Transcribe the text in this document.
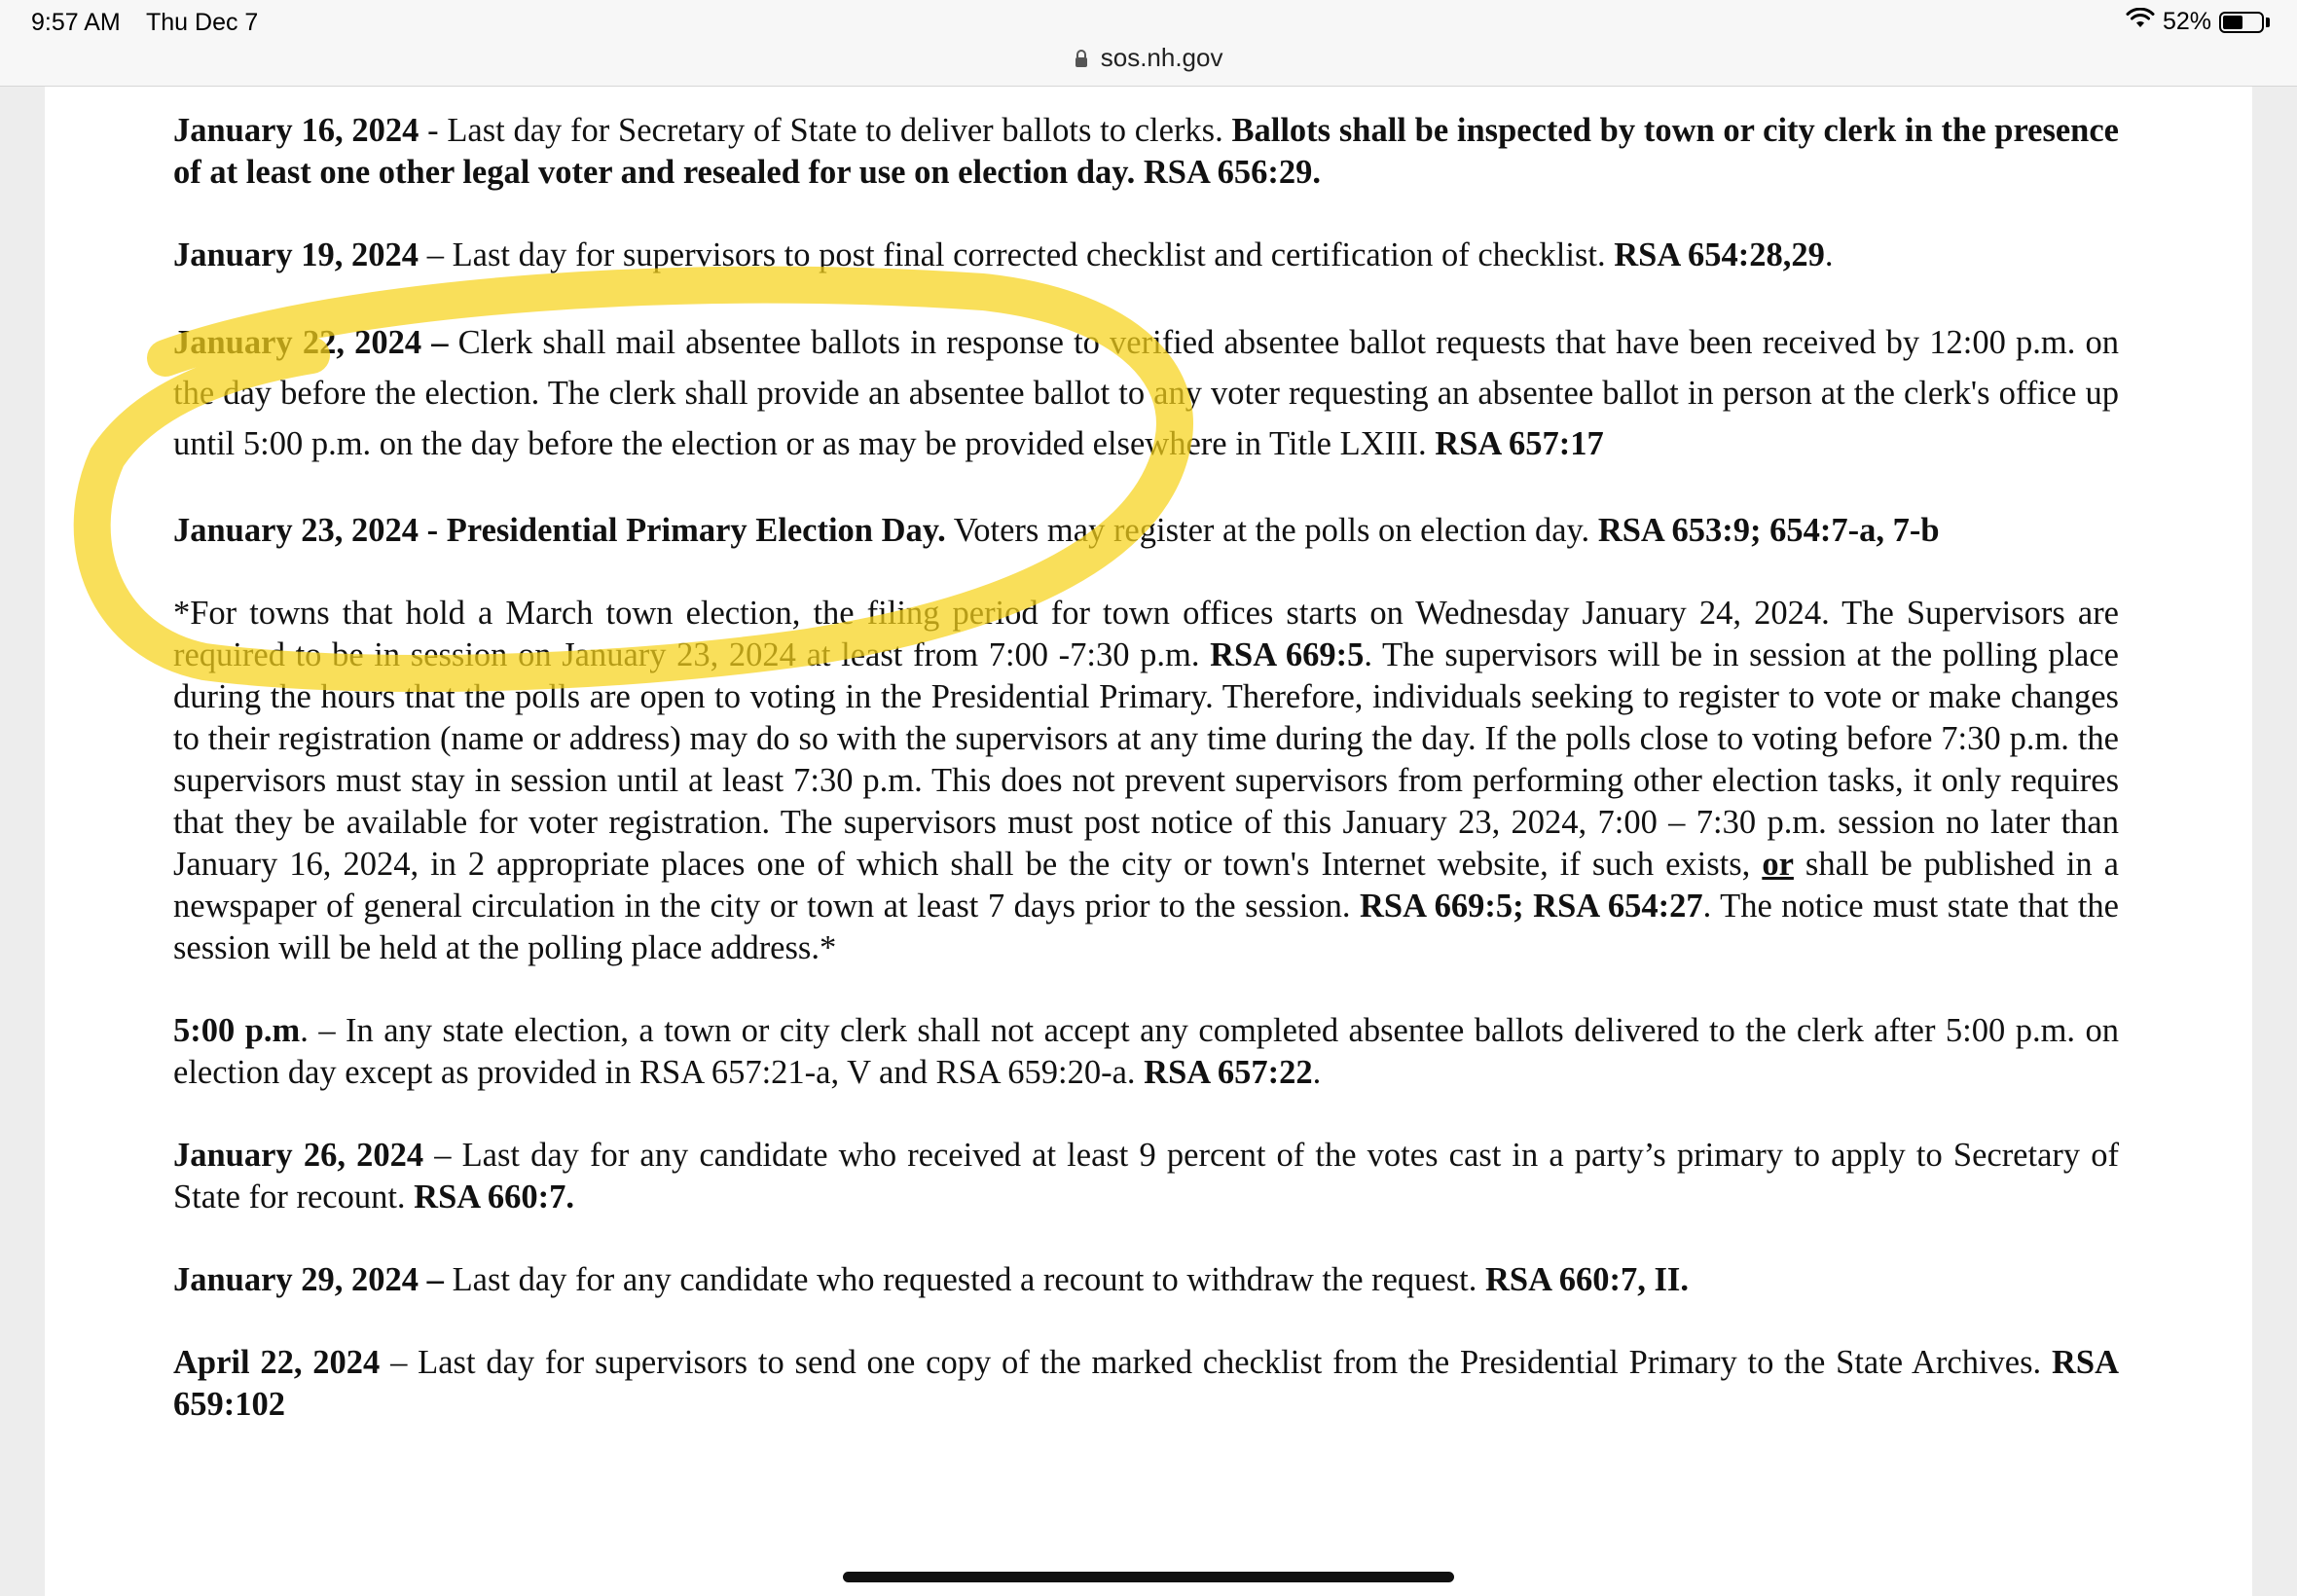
9:57 AM Thu Dec 7	52%
sos.nh.gov

January 16, 2024 - Last day for Secretary of State to deliver ballots to clerks. Ballots shall be inspected by town or city clerk in the presence of at least one other legal voter and resealed for use on election day. RSA 656:29.

January 19, 2024 – Last day for supervisors to post final corrected checklist and certification of checklist. RSA 654:28,29.

January 22, 2024 – Clerk shall mail absentee ballots in response to verified absentee ballot requests that have been received by 12:00 p.m. on the day before the election. The clerk shall provide an absentee ballot to any voter requesting an absentee ballot in person at the clerk's office up until 5:00 p.m. on the day before the election or as may be provided elsewhere in Title LXIII. RSA 657:17

January 23, 2024 - Presidential Primary Election Day. Voters may register at the polls on election day. RSA 653:9; 654:7-a, 7-b

*For towns that hold a March town election, the filing period for town offices starts on Wednesday January 24, 2024. The Supervisors are required to be in session on January 23, 2024 at least from 7:00 -7:30 p.m. RSA 669:5. The supervisors will be in session at the polling place during the hours that the polls are open to voting in the Presidential Primary. Therefore, individuals seeking to register to vote or make changes to their registration (name or address) may do so with the supervisors at any time during the day. If the polls close to voting before 7:30 p.m. the supervisors must stay in session until at least 7:30 p.m. This does not prevent supervisors from performing other election tasks, it only requires that they be available for voter registration. The supervisors must post notice of this January 23, 2024, 7:00 – 7:30 p.m. session no later than January 16, 2024, in 2 appropriate places one of which shall be the city or town's Internet website, if such exists, or shall be published in a newspaper of general circulation in the city or town at least 7 days prior to the session. RSA 669:5; RSA 654:27. The notice must state that the session will be held at the polling place address.*

5:00 p.m. – In any state election, a town or city clerk shall not accept any completed absentee ballots delivered to the clerk after 5:00 p.m. on election day except as provided in RSA 657:21-a, V and RSA 659:20-a. RSA 657:22.

January 26, 2024 – Last day for any candidate who received at least 9 percent of the votes cast in a party’s primary to apply to Secretary of State for recount. RSA 660:7.

January 29, 2024 – Last day for any candidate who requested a recount to withdraw the request. RSA 660:7, II.

April 22, 2024 – Last day for supervisors to send one copy of the marked checklist from the Presidential Primary to the State Archives. RSA 659:102
